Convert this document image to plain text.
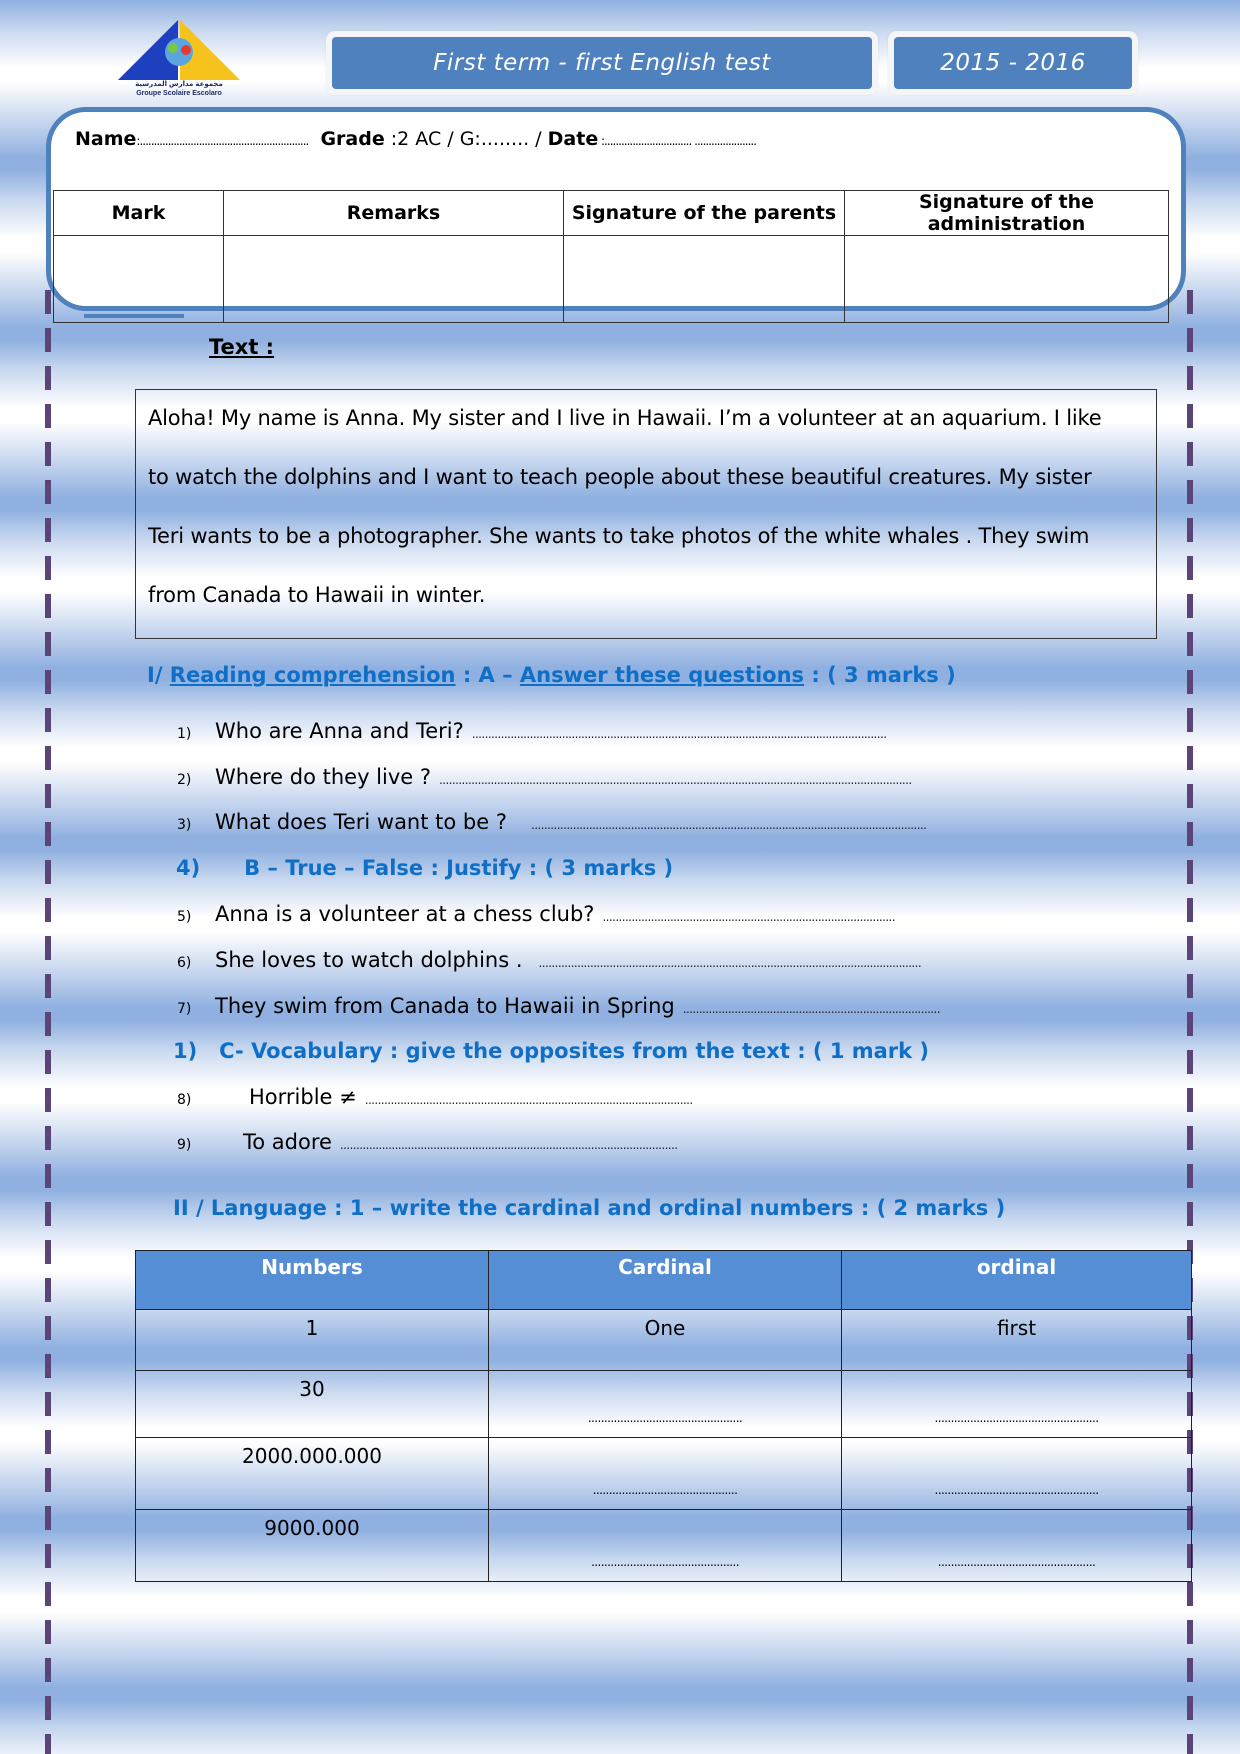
مجموعة مدارس المدرسية
Groupe Scolaire Escolaro
First term - first English test	2015 - 2016
Name:............................................................ Grade :2 AC / G:........ / Date :............................... ......................
Mark	Remarks	Signature of the parents	Signature of the administration

Text :

Aloha! My name is Anna. My sister and I live in Hawaii. I’m a volunteer at an aquarium. I like

to watch the dolphins and I want to teach people about these beautiful creatures. My sister

Teri wants to be a photographer. She wants to take photos of the white whales . They swim

from Canada to Hawaii in winter.

I/ Reading comprehension : A – Answer these questions : ( 3 marks )
1)	Who are Anna and Teri? .................................................................................................................................
2)	Where do they live ? ...................................................................................................................................................
3)	What does Teri want to be ? ...........................................................................................................................
4) B – True – False : Justify : ( 3 marks )
5)	Anna is a volunteer at a chess club? ...........................................................................................
6)	She loves to watch dolphins . .......................................................................................................................
7)	They swim from Canada to Hawaii in Spring ................................................................................
1) C- Vocabulary : give the opposites from the text : ( 1 mark )
8)	Horrible ≠ ......................................................................................................
9)	To adore .........................................................................................................
II / Language : 1 – write the cardinal and ordinal numbers : ( 2 marks )
Numbers	Cardinal	ordinal
1	One	first
30	................................................	...................................................
2000.000.000	.............................................	...................................................
9000.000	..............................................	.................................................
